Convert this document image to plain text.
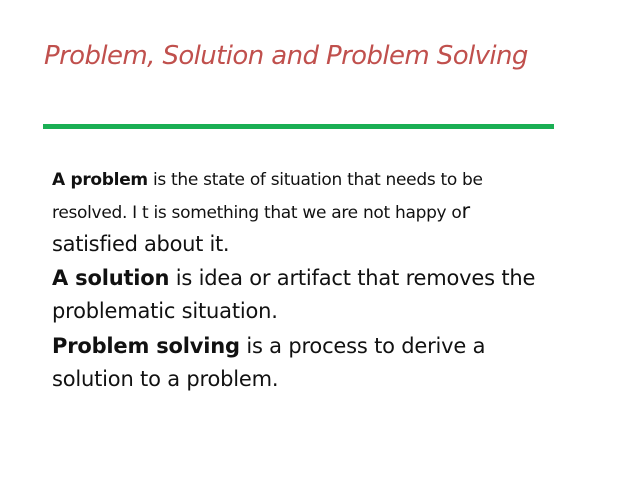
Problem, Solution and Problem Solving
A problem is the state of situation that needs to be
resolved. I t is something that we are not happy or
satisfied about it.
A solution is idea or artifact that removes the
problematic situation.
Problem solving is a process to derive a
solution to a problem.
